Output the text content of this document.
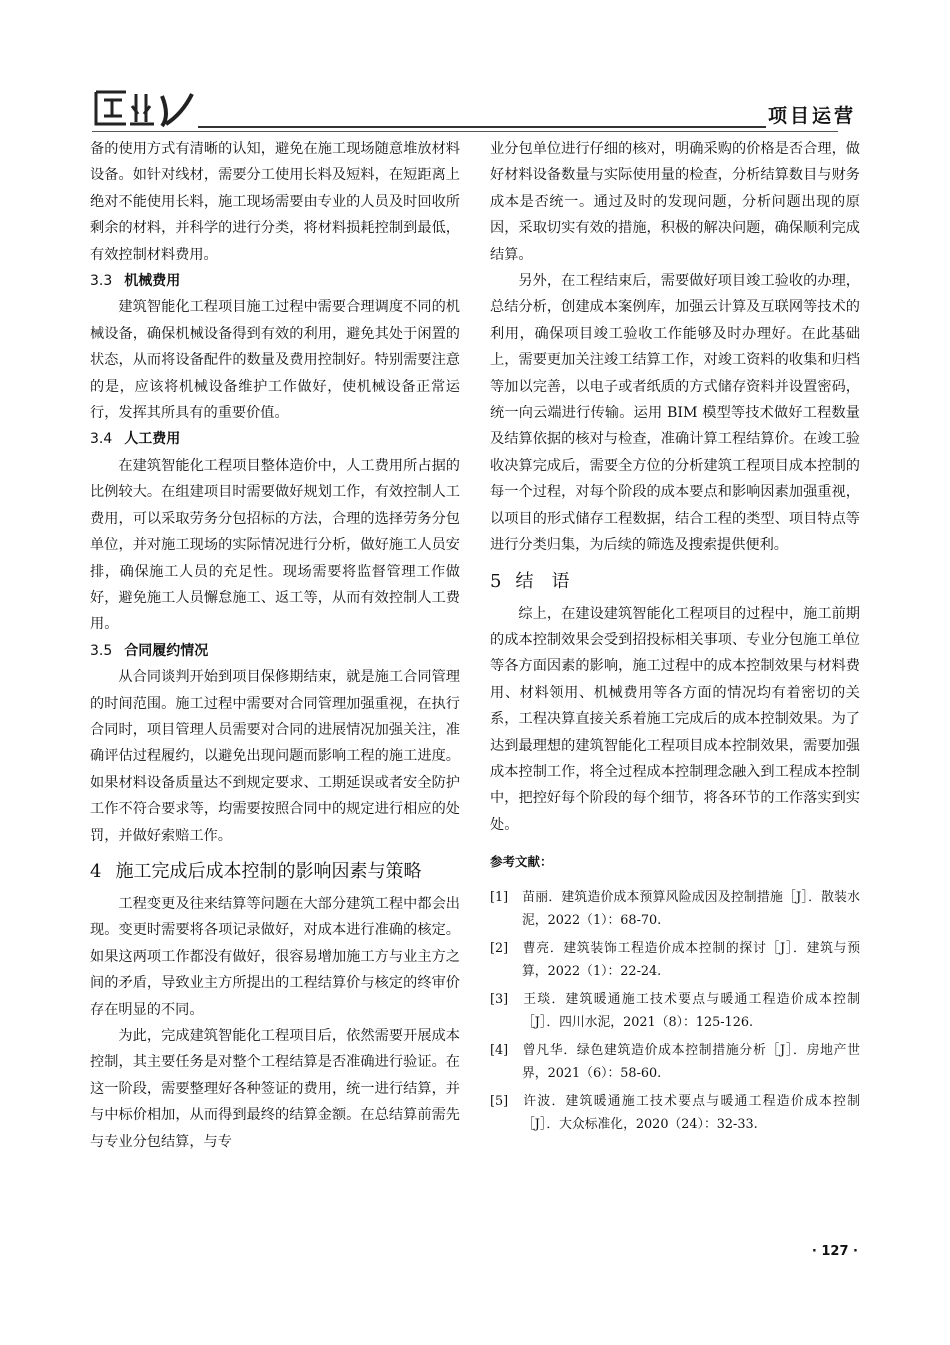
项目运营

备的使用方式有清晰的认知，避免在施工现场随意堆放材料设备。如针对线材，需要分工使用长料及短料，在短距离上绝对不能使用长料，施工现场需要由专业的人员及时回收所剩余的材料，并科学的进行分类，将材料损耗控制到最低，有效控制材料费用。

3.3 机械费用

建筑智能化工程项目施工过程中需要合理调度不同的机械设备，确保机械设备得到有效的利用，避免其处于闲置的状态，从而将设备配件的数量及费用控制好。特别需要注意的是，应该将机械设备维护工作做好，使机械设备正常运行，发挥其所具有的重要价值。

3.4 人工费用

在建筑智能化工程项目整体造价中，人工费用所占据的比例较大。在组建项目时需要做好规划工作，有效控制人工费用，可以采取劳务分包招标的方法，合理的选择劳务分包单位，并对施工现场的实际情况进行分析，做好施工人员安排，确保施工人员的充足性。现场需要将监督管理工作做好，避免施工人员懈怠施工、返工等，从而有效控制人工费用。

3.5 合同履约情况

从合同谈判开始到项目保修期结束，就是施工合同管理的时间范围。施工过程中需要对合同管理加强重视，在执行合同时，项目管理人员需要对合同的进展情况加强关注，准确评估过程履约，以避免出现问题而影响工程的施工进度。如果材料设备质量达不到规定要求、工期延误或者安全防护工作不符合要求等，均需要按照合同中的规定进行相应的处罚，并做好索赔工作。

4 施工完成后成本控制的影响因素与策略

工程变更及往来结算等问题在大部分建筑工程中都会出现。变更时需要将各项记录做好，对成本进行准确的核定。如果这两项工作都没有做好，很容易增加施工方与业主方之间的矛盾，导致业主方所提出的工程结算价与核定的终审价存在明显的不同。

为此，完成建筑智能化工程项目后，依然需要开展成本控制，其主要任务是对整个工程结算是否准确进行验证。在这一阶段，需要整理好各种签证的费用，统一进行结算，并与中标价相加，从而得到最终的结算金额。在总结算前需先与专业分包结算，与专

业分包单位进行仔细的核对，明确采购的价格是否合理，做好材料设备数量与实际使用量的检查，分析结算数目与财务成本是否统一。通过及时的发现问题，分析问题出现的原因，采取切实有效的措施，积极的解决问题，确保顺利完成结算。

另外，在工程结束后，需要做好项目竣工验收的办理，总结分析，创建成本案例库，加强云计算及互联网等技术的利用，确保项目竣工验收工作能够及时办理好。在此基础上，需要更加关注竣工结算工作，对竣工资料的收集和归档等加以完善，以电子或者纸质的方式储存资料并设置密码，统一向云端进行传输。运用 BIM 模型等技术做好工程数量及结算依据的核对与检查，准确计算工程结算价。在竣工验收决算完成后，需要全方位的分析建筑工程项目成本控制的每一个过程，对每个阶段的成本要点和影响因素加强重视，以项目的形式储存工程数据，结合工程的类型、项目特点等进行分类归集，为后续的筛选及搜索提供便利。

5 结　语

综上，在建设建筑智能化工程项目的过程中，施工前期的成本控制效果会受到招投标相关事项、专业分包施工单位等各方面因素的影响，施工过程中的成本控制效果与材料费用、材料领用、机械费用等各方面的情况均有着密切的关系，工程决算直接关系着施工完成后的成本控制效果。为了达到最理想的建筑智能化工程项目成本控制效果，需要加强成本控制工作，将全过程成本控制理念融入到工程成本控制中，把控好每个阶段的每个细节，将各环节的工作落实到实处。

参考文献：
[1] 苗丽．建筑造价成本预算风险成因及控制措施［J］．散装水泥，2022（1）：68-70.
[2] 曹亮．建筑装饰工程造价成本控制的探讨［J］．建筑与预算，2022（1）：22-24.
[3] 王琰．建筑暖通施工技术要点与暖通工程造价成本控制［J］．四川水泥，2021（8）：125-126.
[4] 曾凡华．绿色建筑造价成本控制措施分析［J］．房地产世界，2021（6）：58-60.
[5] 许波．建筑暖通施工技术要点与暖通工程造价成本控制［J］．大众标准化，2020（24）：32-33.
· 127 ·
